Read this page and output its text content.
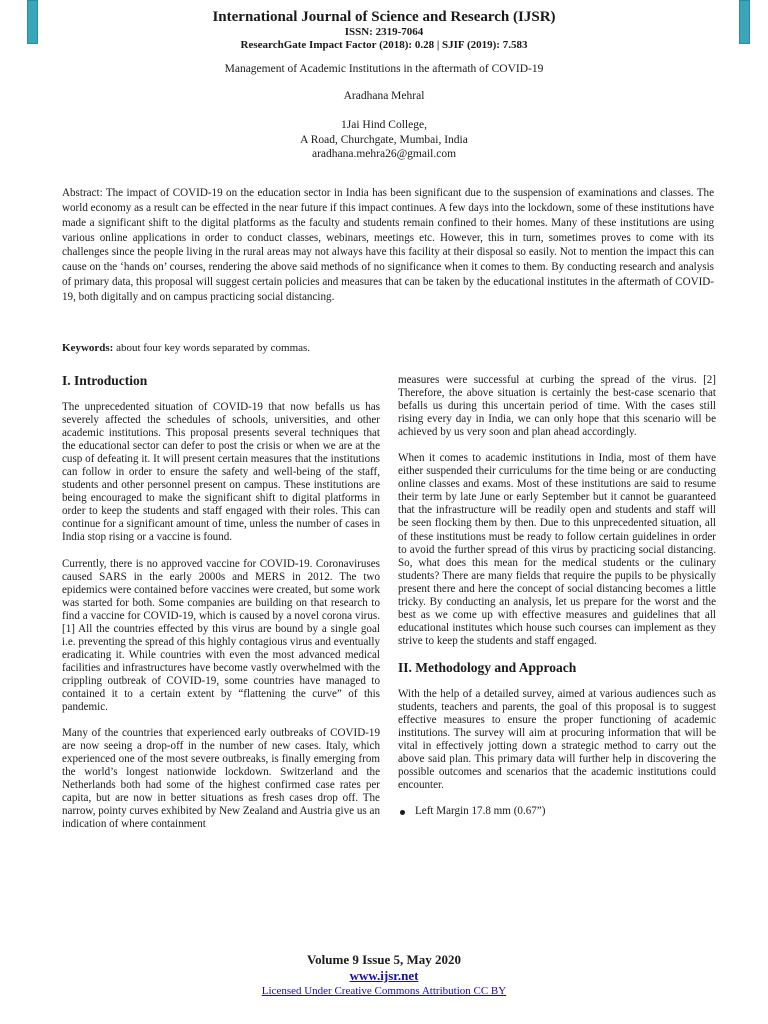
International Journal of Science and Research (IJSR)
ISSN: 2319-7064
ResearchGate Impact Factor (2018): 0.28 | SJIF (2019): 7.583
Management of Academic Institutions in the aftermath of COVID-19
Aradhana Mehral
1Jai Hind College,
A Road, Churchgate, Mumbai, India
aradhana.mehra26@gmail.com
Abstract: The impact of COVID-19 on the education sector in India has been significant due to the suspension of examinations and classes. The world economy as a result can be effected in the near future if this impact continues. A few days into the lockdown, some of these institutions have made a significant shift to the digital platforms as the faculty and students remain confined to their homes. Many of these institutions are using various online applications in order to conduct classes, webinars, meetings etc. However, this in turn, sometimes proves to come with its challenges since the people living in the rural areas may not always have this facility at their disposal so easily. Not to mention the impact this can cause on the ‘hands on’ courses, rendering the above said methods of no significance when it comes to them. By conducting research and analysis of primary data, this proposal will suggest certain policies and measures that can be taken by the educational institutes in the aftermath of COVID-19, both digitally and on campus practicing social distancing.
Keywords: about four key words separated by commas.
I. Introduction

The unprecedented situation of COVID-19 that now befalls us has severely affected the schedules of schools, universities, and other academic institutions. This proposal presents several techniques that the educational sector can defer to post the crisis or when we are at the cusp of defeating it. It will present certain measures that the institutions can follow in order to ensure the safety and well-being of the staff, students and other personnel present on campus. These institutions are being encouraged to make the significant shift to digital platforms in order to keep the students and staff engaged with their roles. This can continue for a significant amount of time, unless the number of cases in India stop rising or a vaccine is found.

Currently, there is no approved vaccine for COVID-19. Coronaviruses caused SARS in the early 2000s and MERS in 2012. The two epidemics were contained before vaccines were created, but some work was started for both. Some companies are building on that research to find a vaccine for COVID-19, which is caused by a novel corona virus. [1] All the countries effected by this virus are bound by a single goal i.e. preventing the spread of this highly contagious virus and eventually eradicating it. While countries with even the most advanced medical facilities and infrastructures have become vastly overwhelmed with the crippling outbreak of COVID-19, some countries have managed to contained it to a certain extent by “flattening the curve” of this pandemic.

Many of the countries that experienced early outbreaks of COVID-19 are now seeing a drop-off in the number of new cases. Italy, which experienced one of the most severe outbreaks, is finally emerging from the world’s longest nationwide lockdown. Switzerland and the Netherlands both had some of the highest confirmed case rates per capita, but are now in better situations as fresh cases drop off. The narrow, pointy curves exhibited by New Zealand and Austria give us an indication of where containment

measures were successful at curbing the spread of the virus. [2] Therefore, the above situation is certainly the best-case scenario that befalls us during this uncertain period of time. With the cases still rising every day in India, we can only hope that this scenario will be achieved by us very soon and plan ahead accordingly.

When it comes to academic institutions in India, most of them have either suspended their curriculums for the time being or are conducting online classes and exams. Most of these institutions are said to resume their term by late June or early September but it cannot be guaranteed that the infrastructure will be readily open and students and staff will be seen flocking them by then. Due to this unprecedented situation, all of these institutions must be ready to follow certain guidelines in order to avoid the further spread of this virus by practicing social distancing. So, what does this mean for the medical students or the culinary students? There are many fields that require the pupils to be physically present there and here the concept of social distancing becomes a little tricky. By conducting an analysis, let us prepare for the worst and the best as we come up with effective measures and guidelines that all educational institutes which house such courses can implement as they strive to keep the students and staff engaged.

II. Methodology and Approach

With the help of a detailed survey, aimed at various audiences such as students, teachers and parents, the goal of this proposal is to suggest effective measures to ensure the proper functioning of academic institutions. The survey will aim at procuring information that will be vital in effectively jotting down a strategic method to carry out the above said plan. This primary data will further help in discovering the possible outcomes and scenarios that the academic institutions could encounter.

Left Margin 17.8 mm (0.67”)
Volume 9 Issue 5, May 2020
www.ijsr.net
Licensed Under Creative Commons Attribution CC BY
